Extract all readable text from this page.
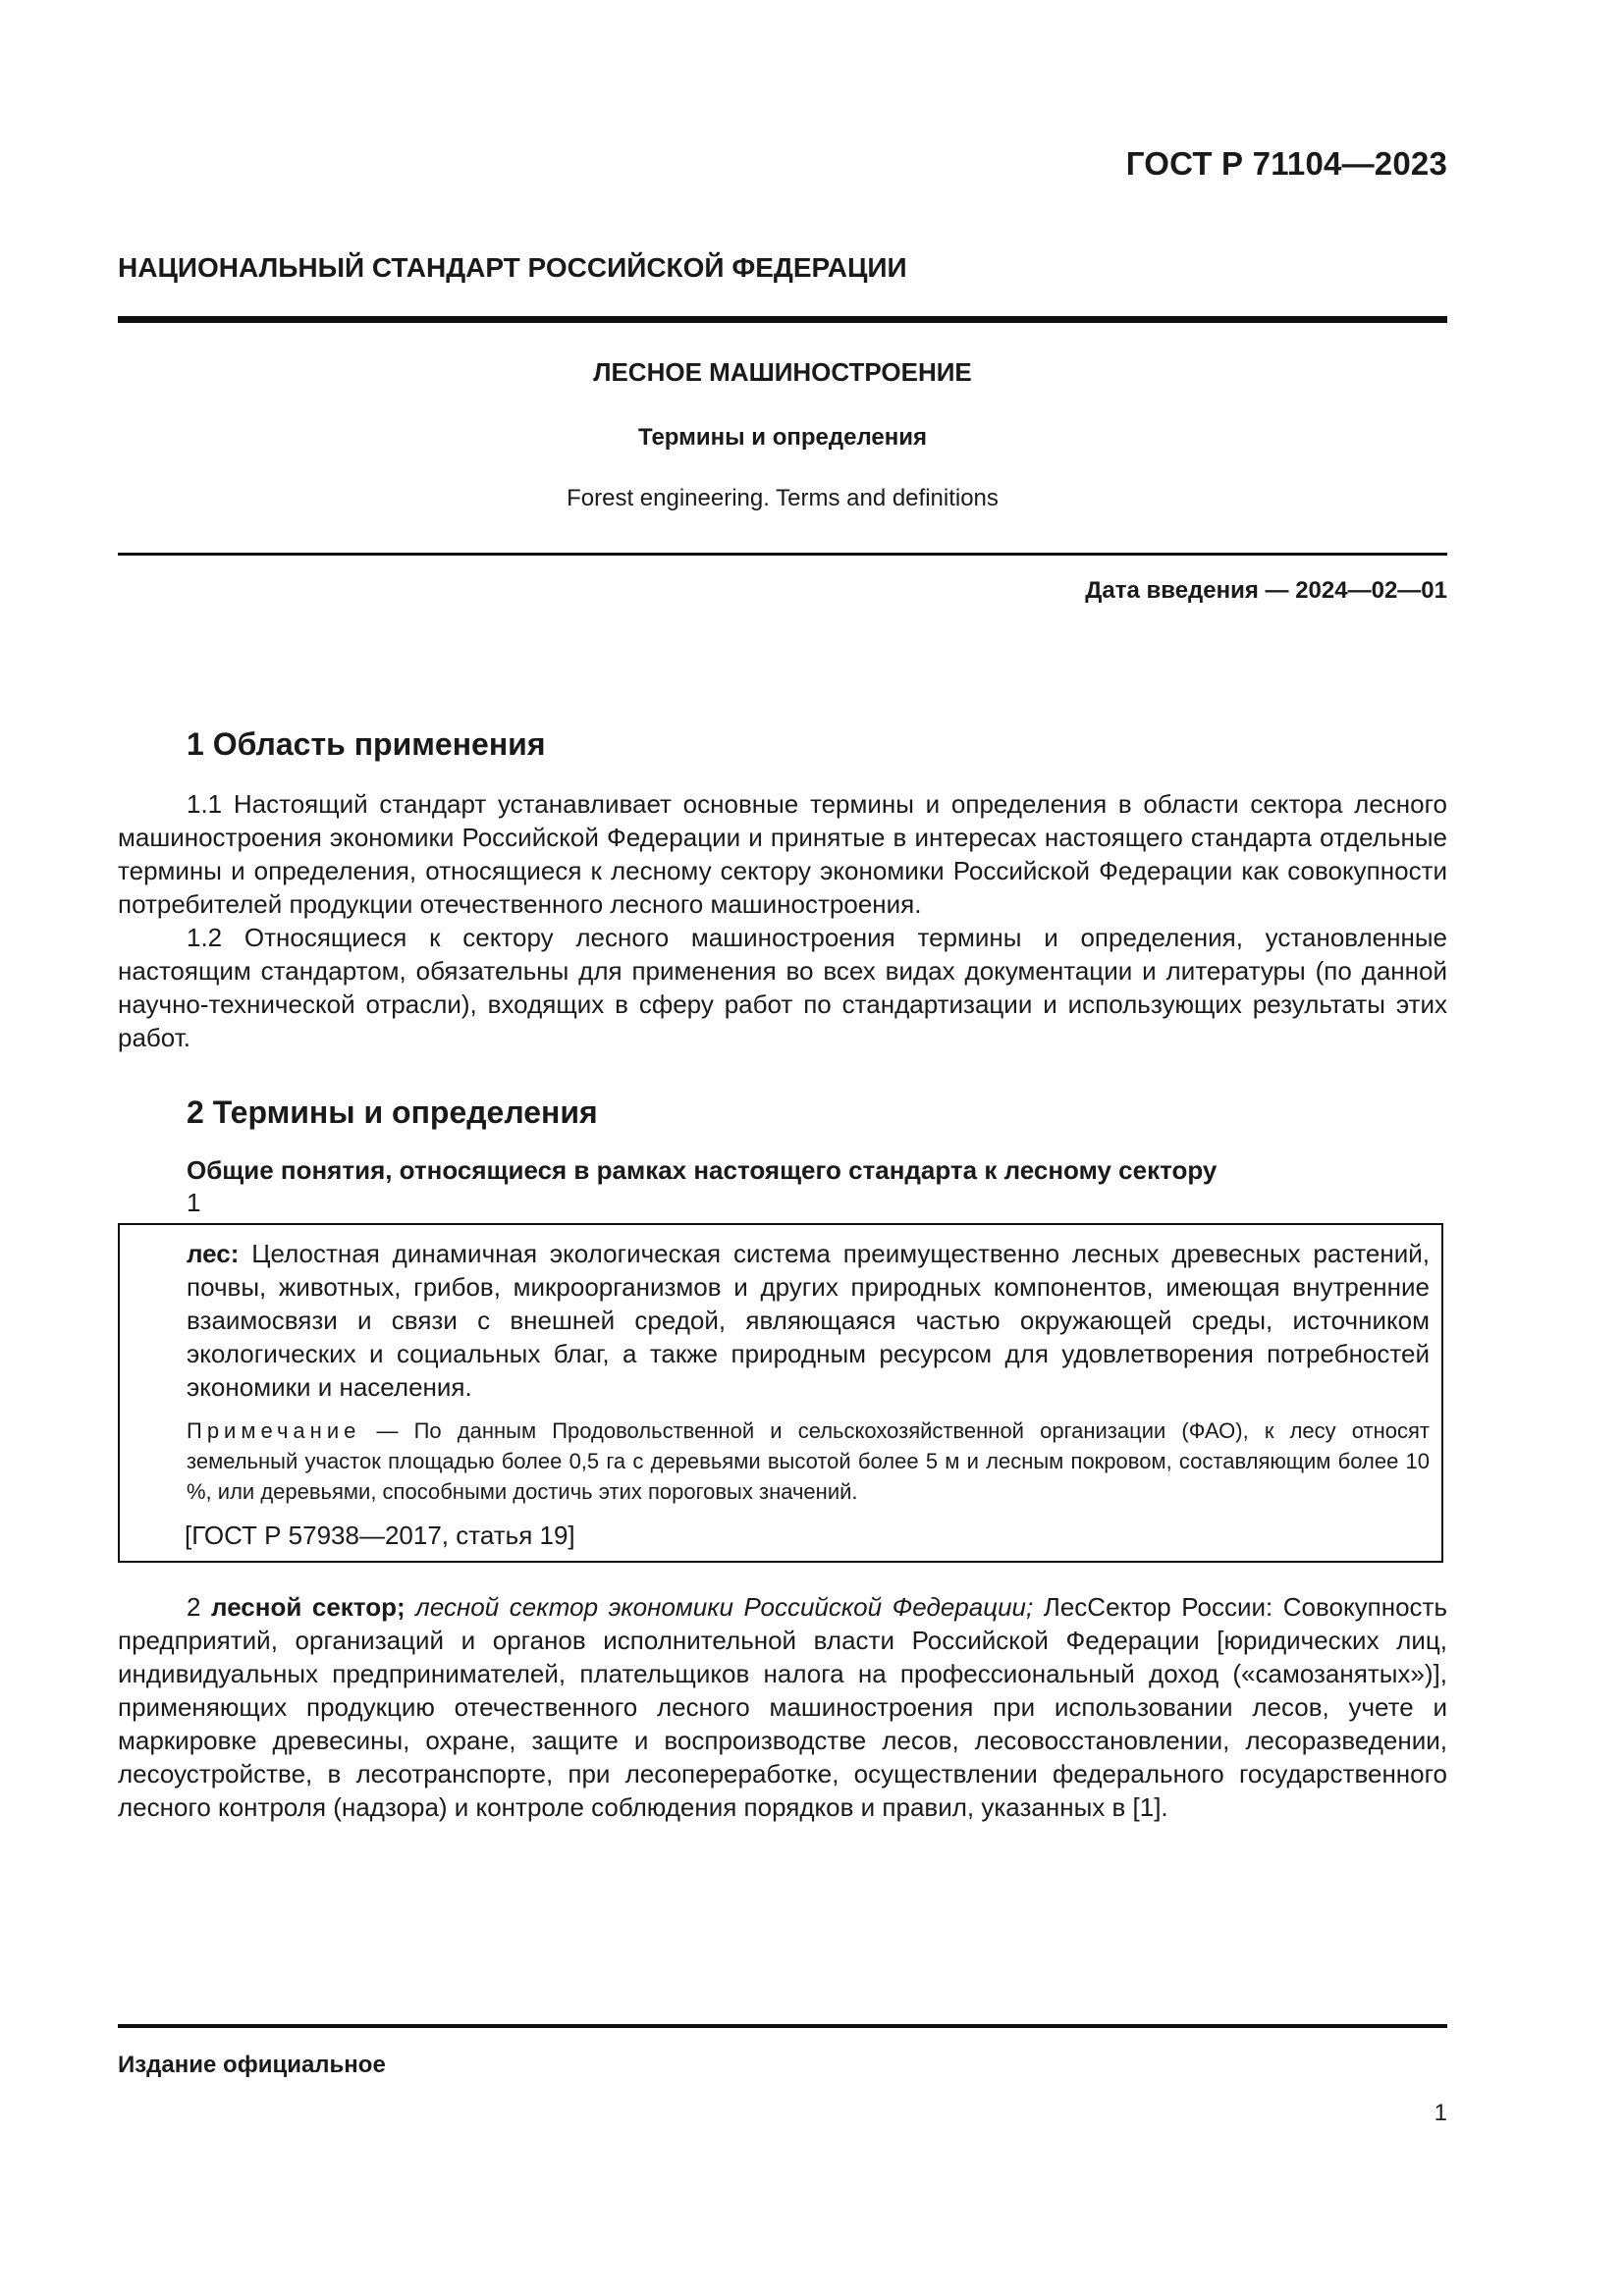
ГОСТ Р 71104—2023
НАЦИОНАЛЬНЫЙ СТАНДАРТ РОССИЙСКОЙ ФЕДЕРАЦИИ
ЛЕСНОЕ МАШИНОСТРОЕНИЕ
Термины и определения
Forest engineering. Terms and definitions
Дата введения — 2024—02—01
1 Область применения
1.1 Настоящий стандарт устанавливает основные термины и определения в области сектора лесного машиностроения экономики Российской Федерации и принятые в интересах настоящего стандарта отдельные термины и определения, относящиеся к лесному сектору экономики Российской Федерации как совокупности потребителей продукции отечественного лесного машиностроения.
1.2 Относящиеся к сектору лесного машиностроения термины и определения, установленные настоящим стандартом, обязательны для применения во всех видах документации и литературы (по данной научно-технической отрасли), входящих в сферу работ по стандартизации и использующих результаты этих работ.
2 Термины и определения
Общие понятия, относящиеся в рамках настоящего стандарта к лесному сектору
1
лес: Целостная динамичная экологическая система преимущественно лесных древесных растений, почвы, животных, грибов, микроорганизмов и других природных компонентов, имеющая внутренние взаимосвязи и связи с внешней средой, являющаяся частью окружающей среды, источником экологических и социальных благ, а также природным ресурсом для удовлетворения потребностей экономики и населения.
Примечание — По данным Продовольственной и сельскохозяйственной организации (ФАО), к лесу относят земельный участок площадью более 0,5 га с деревьями высотой более 5 м и лесным покровом, составляющим более 10 %, или деревьями, способными достичь этих пороговых значений.
[ГОСТ Р 57938—2017, статья 19]
2 лесной сектор; лесной сектор экономики Российской Федерации; ЛесСектор России: Совокупность предприятий, организаций и органов исполнительной власти Российской Федерации [юридических лиц, индивидуальных предпринимателей, плательщиков налога на профессиональный доход («самозанятых»)], применяющих продукцию отечественного лесного машиностроения при использовании лесов, учете и маркировке древесины, охране, защите и воспроизводстве лесов, лесовосстановлении, лесоразведении, лесоустройстве, в лесотранспорте, при лесопереработке, осуществлении федерального государственного лесного контроля (надзора) и контроле соблюдения порядков и правил, указанных в [1].
Издание официальное
1
